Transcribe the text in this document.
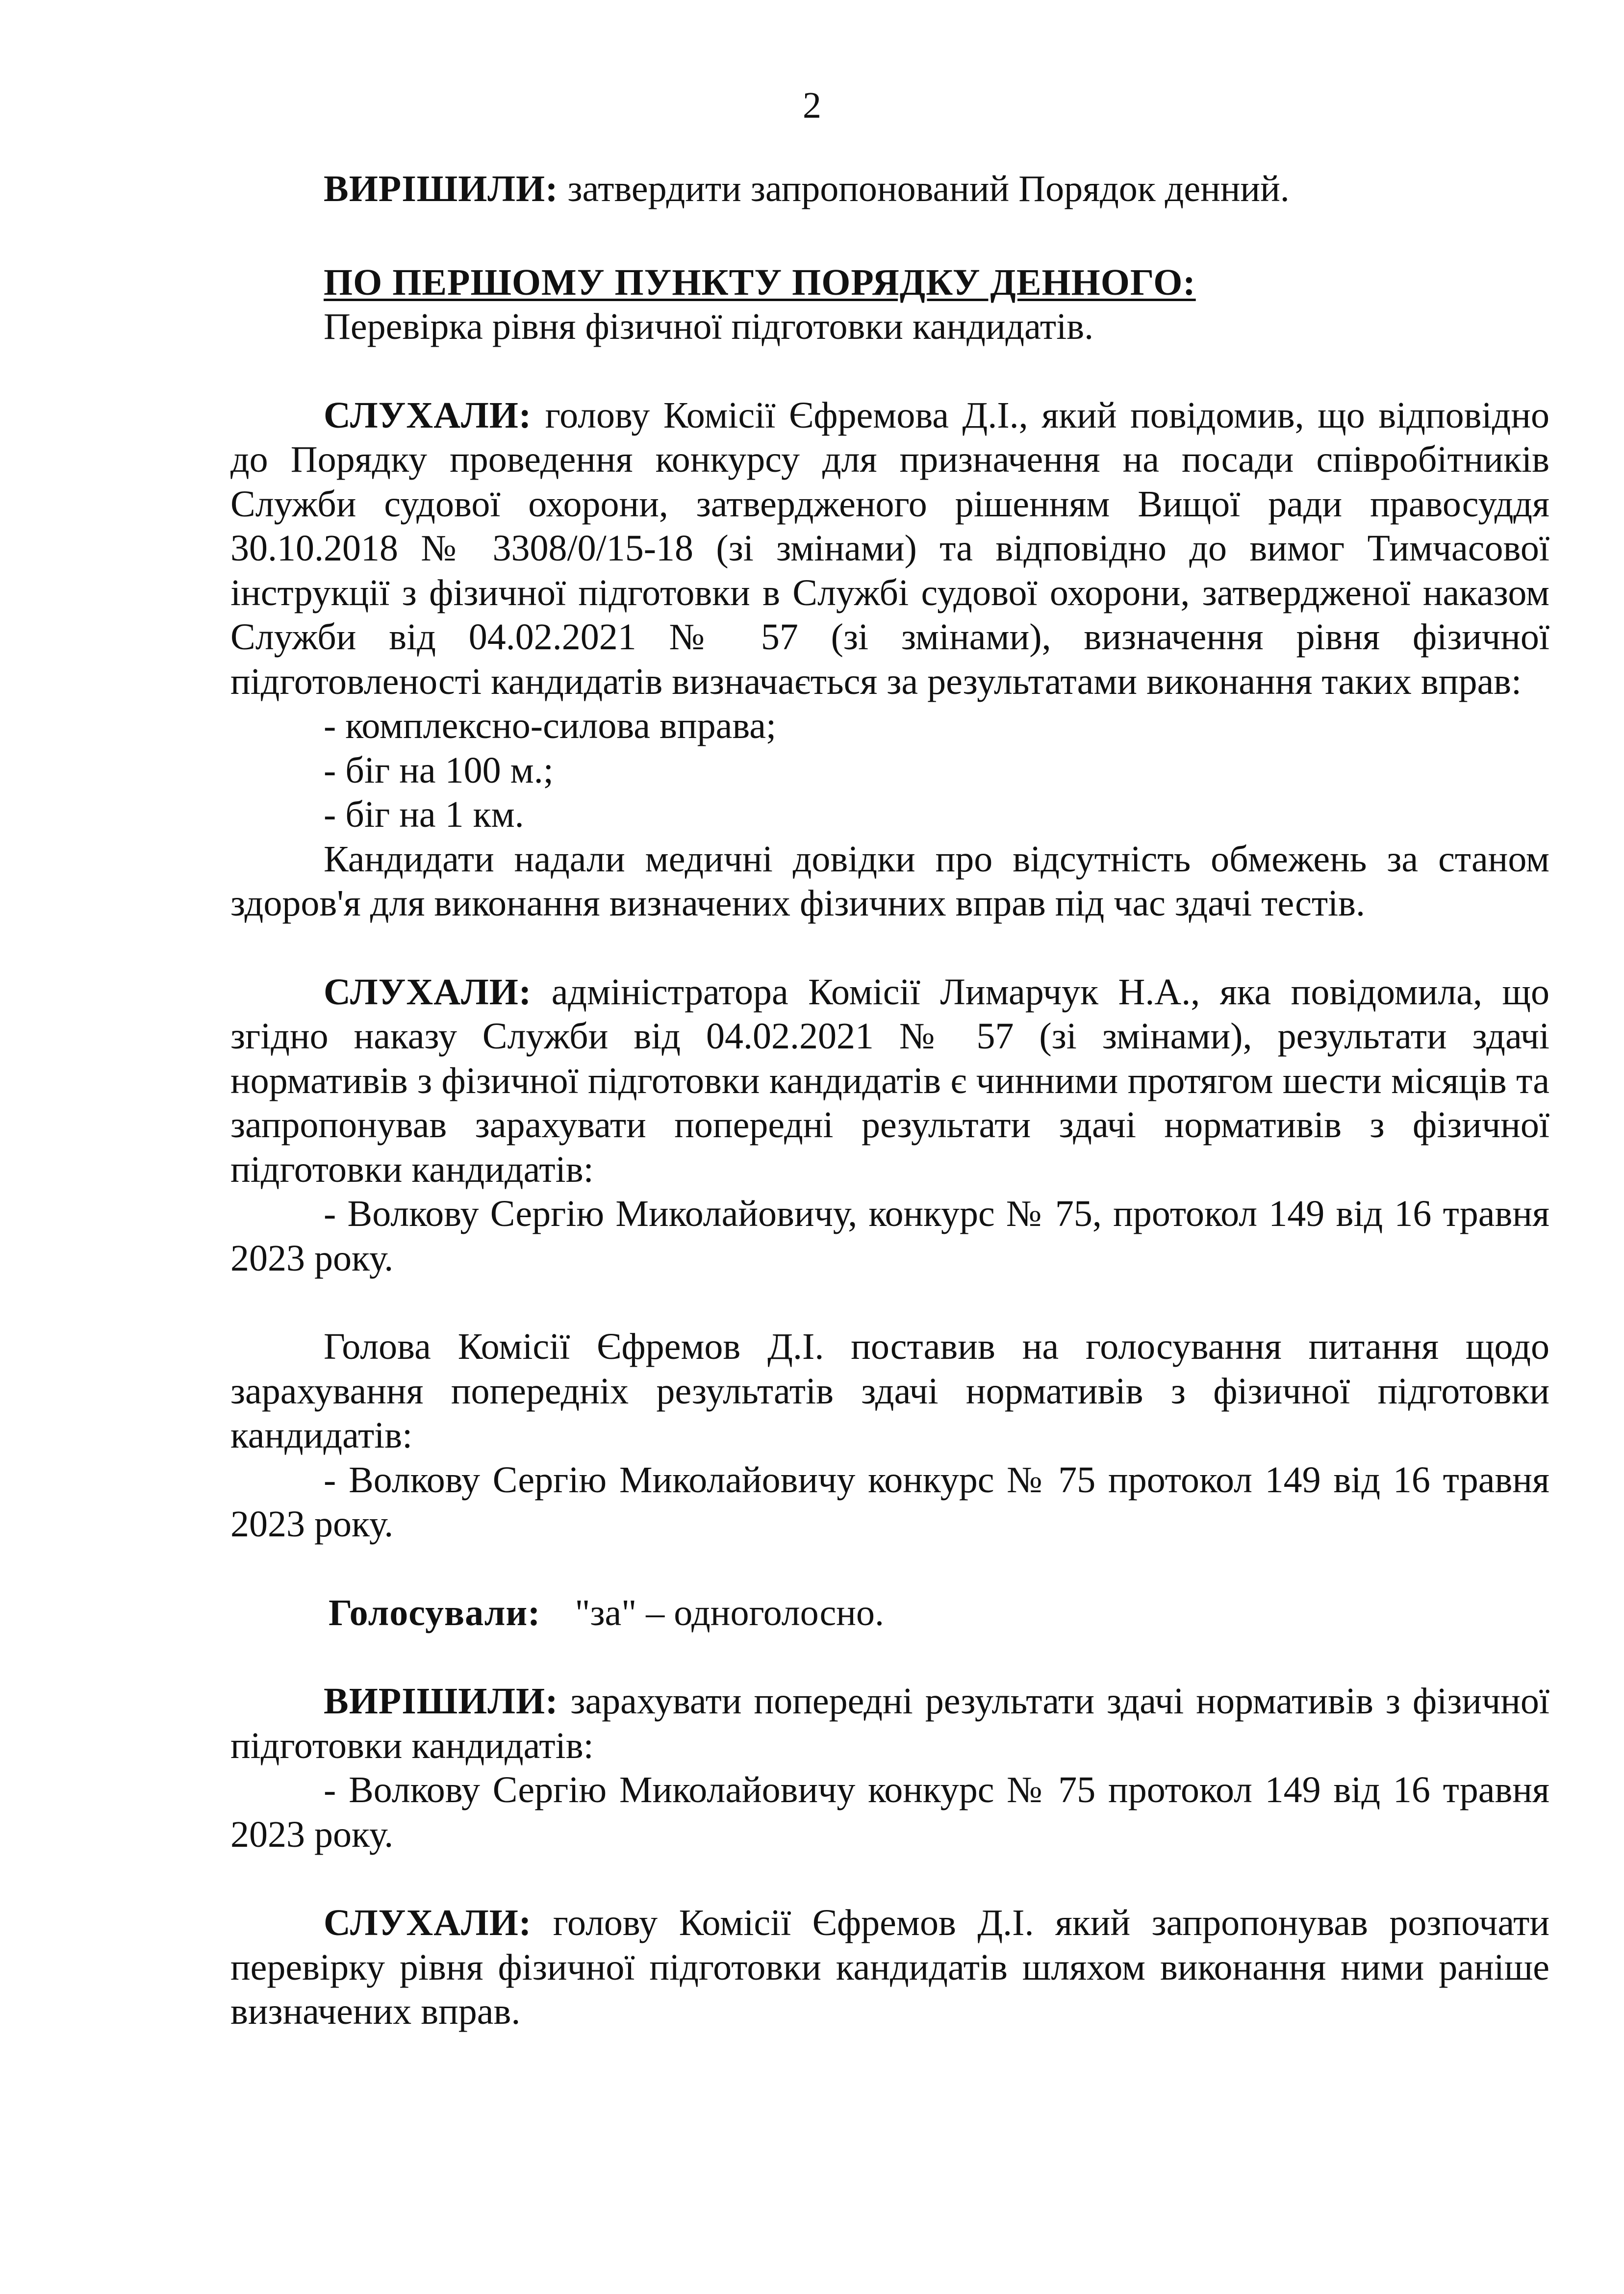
2

ВИРІШИЛИ: затвердити запропонований Порядок денний.

ПО ПЕРШОМУ ПУНКТУ ПОРЯДКУ ДЕННОГО:

Перевірка рівня фізичної підготовки кандидатів.

СЛУХАЛИ: голову Комісії Єфремова Д.І., який повідомив, що відповідно до Порядку проведення конкурсу для призначення на посади співробітників Служби судової охорони, затвердженого рішенням Вищої ради правосуддя 30.10.2018 № 3308/0/15-18 (зі змінами) та відповідно до вимог Тимчасової інструкції з фізичної підготовки в Службі судової охорони, затвердженої наказом Служби від 04.02.2021 № 57 (зі змінами), визначення рівня фізичної підготовленості кандидатів визначається за результатами виконання таких вправ:

- комплексно-силова вправа;

- біг на 100 м.;

- біг на 1 км.

Кандидати надали медичні довідки про відсутність обмежень за станом здоров'я для виконання визначених фізичних вправ під час здачі тестів.

СЛУХАЛИ: адміністратора Комісії Лимарчук Н.А., яка повідомила, що згідно наказу Служби від 04.02.2021 № 57 (зі змінами), результати здачі нормативів з фізичної підготовки кандидатів є чинними протягом шести місяців та запропонував зарахувати попередні результати здачі нормативів з фізичної підготовки кандидатів:

- Волкову Сергію Миколайовичу, конкурс № 75, протокол 149 від 16 травня 2023 року.

Голова Комісії Єфремов Д.І. поставив на голосування питання щодо зарахування попередніх результатів здачі нормативів з фізичної підготовки кандидатів:

- Волкову Сергію Миколайовичу конкурс № 75 протокол 149 від 16 травня 2023 року.

Голосували: "за" – одноголосно.

ВИРІШИЛИ: зарахувати попередні результати здачі нормативів з фізичної підготовки кандидатів:

- Волкову Сергію Миколайовичу конкурс № 75 протокол 149 від 16 травня 2023 року.

СЛУХАЛИ: голову Комісії Єфремов Д.І. який запропонував розпочати перевірку рівня фізичної підготовки кандидатів шляхом виконання ними раніше визначених вправ.
